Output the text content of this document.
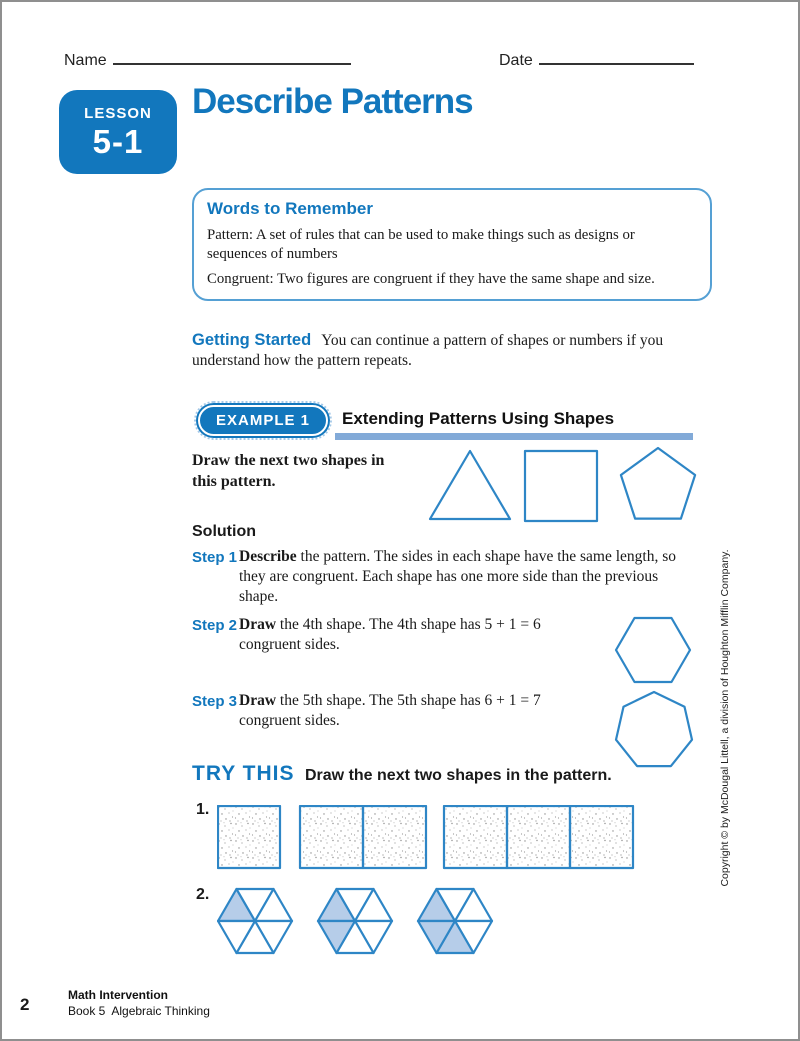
Name	Date
LESSON
5-1
Describe Patterns
Words to Remember
Pattern: A set of rules that can be used to make things such as designs or sequences of numbers
Congruent: Two figures are congruent if they have the same shape and size.
Getting Started You can continue a pattern of shapes or numbers if you understand how the pattern repeats.
EXAMPLE 1	Extending Patterns Using Shapes
Draw the next two shapes in this pattern.
Solution
Step 1 Describe the pattern. The sides in each shape have the same length, so they are congruent. Each shape has one more side than the previous shape.
Step 2 Draw the 4th shape. The 4th shape has 5 + 1 = 6 congruent sides.
Step 3 Draw the 5th shape. The 5th shape has 6 + 1 = 7 congruent sides.
TRY THIS Draw the next two shapes in the pattern.
1.
2.
Copyright © by McDougal Littell, a division of Houghton Mifflin Company.
2	Math Intervention
Book 5  Algebraic Thinking
